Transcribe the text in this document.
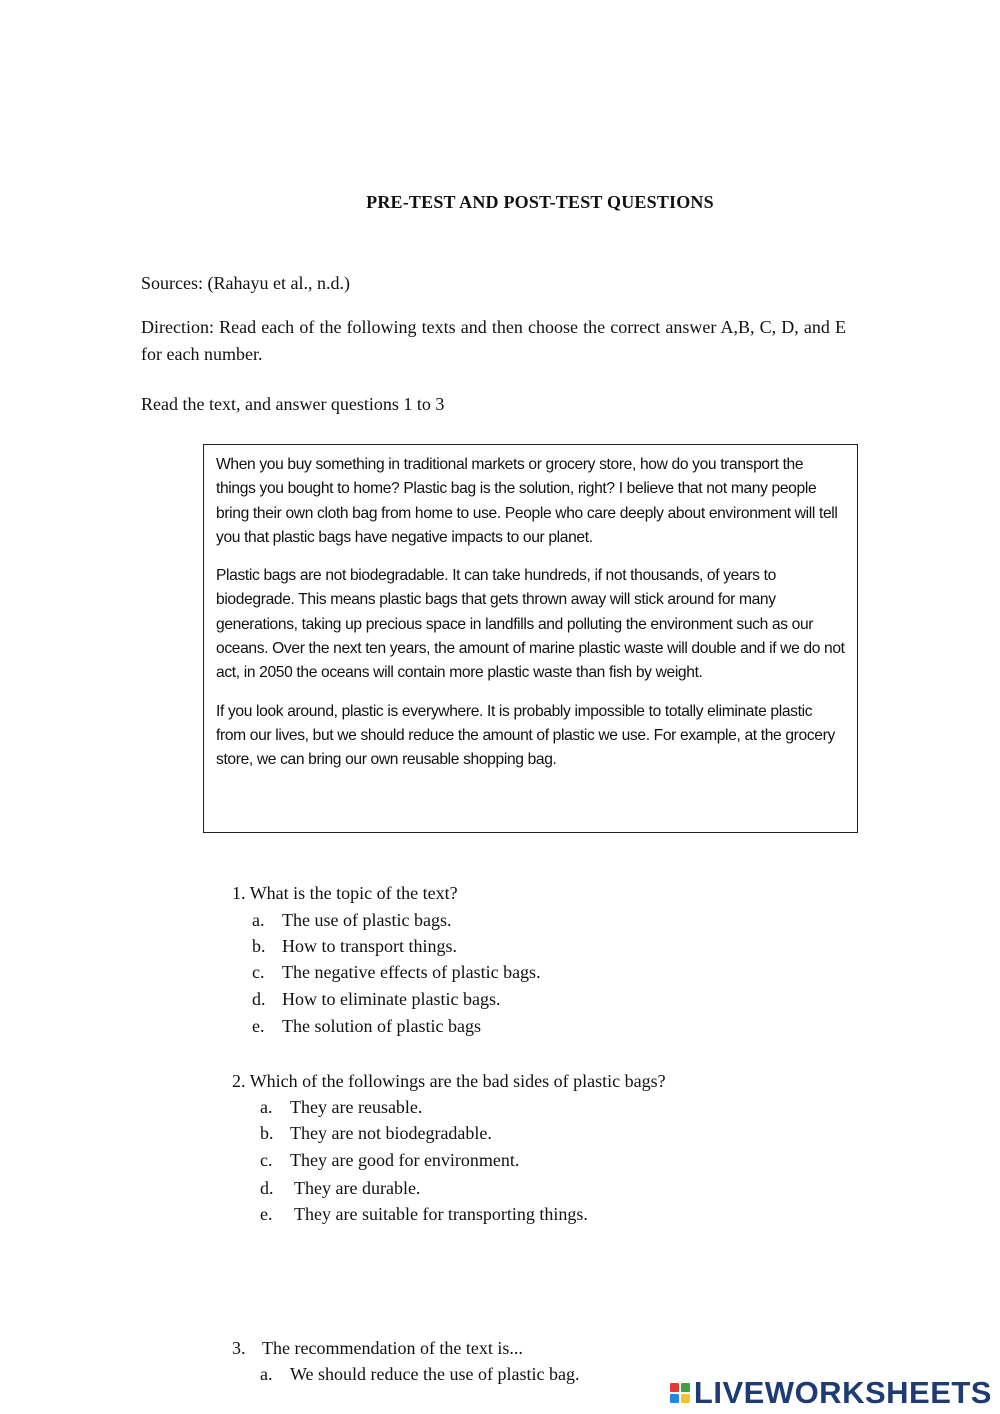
PRE-TEST AND POST-TEST QUESTIONS
Sources: (Rahayu et al., n.d.)
Direction: Read each of the following texts and then choose the correct answer A,B, C, D, and E for each number.
Read the text, and answer questions 1 to 3

When you buy something in traditional markets or grocery store, how do you transport the things you bought to home? Plastic bag is the solution, right? I believe that not many people bring their own cloth bag from home to use. People who care deeply about environment will tell you that plastic bags have negative impacts to our planet.

Plastic bags are not biodegradable. It can take hundreds, if not thousands, of years to biodegrade. This means plastic bags that gets thrown away will stick around for many generations, taking up precious space in landfills and polluting the environment such as our oceans. Over the next ten years, the amount of marine plastic waste will double and if we do not act, in 2050 the oceans will contain more plastic waste than fish by weight.

If you look around, plastic is everywhere. It is probably impossible to totally eliminate plastic from our lives, but we should reduce the amount of plastic we use. For example, at the grocery store, we can bring our own reusable shopping bag.

1. What is the topic of the text?
a. The use of plastic bags.
b. How to transport things.
c. The negative effects of plastic bags.
d. How to eliminate plastic bags.
e. The solution of plastic bags
2. Which of the followings are the bad sides of plastic bags?
a. They are reusable.
b. They are not biodegradable.
c. They are good for environment.
d. They are durable.
e. They are suitable for transporting things.
3. The recommendation of the text is...
a. We should reduce the use of plastic bag.
LIVEWORKSHEETS
